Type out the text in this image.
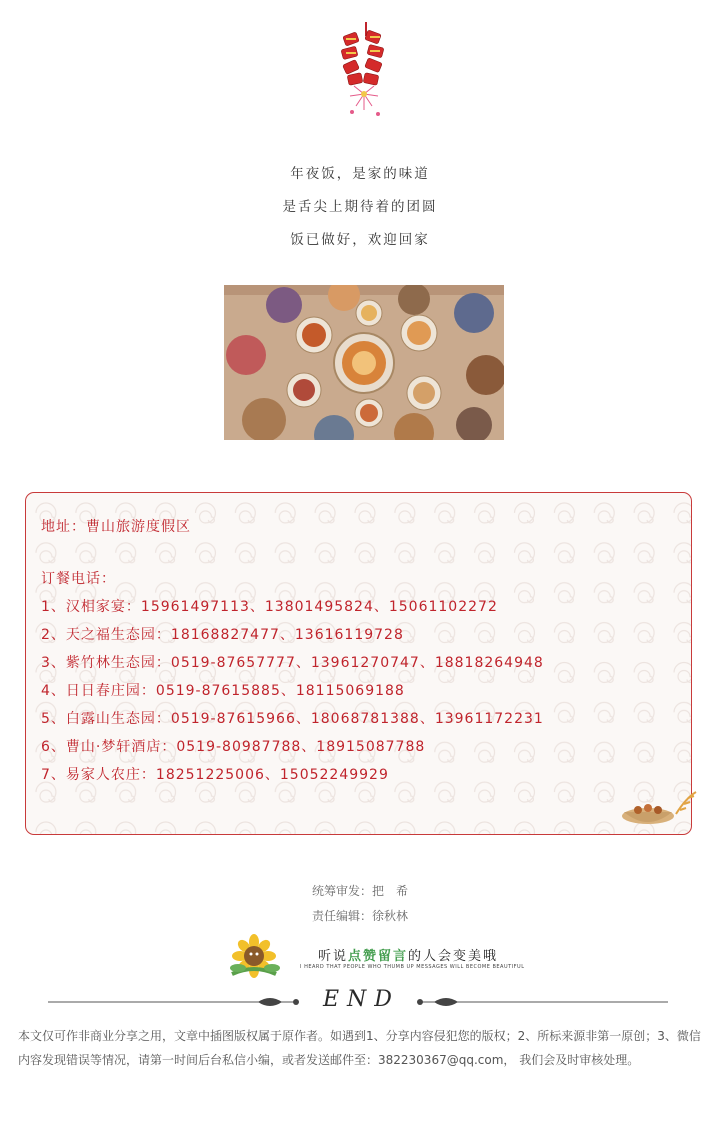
年夜饭，是家的味道
是舌尖上期待着的团圆
饭已做好，欢迎回家
地址：曹山旅游度假区
订餐电话：
1、汉相家宴：15961497113、13801495824、15061102272
2、天之福生态园：18168827477、13616119728
3、紫竹林生态园：0519-87657777、13961270747、18818264948
4、日日春庄园：0519-87615885、18115069188
5、白露山生态园：0519-87615966、18068781388、13961172231
6、曹山·梦轩酒店：0519-80987788、18915087788
7、易家人农庄：18251225006、15052249929
统筹审发：把　希
责任编辑：徐秋林
听说点赞留言的人会变美哦
I HEARD THAT PEOPLE WHO THUMB UP MESSAGES WILL BECOME BEAUTIFUL
END
本文仅可作非商业分享之用，文章中插图版权属于原作者。如遇到1、分享内容侵犯您的版权；2、所标来源非第一原创；3、微信内容发现错误等情况，请第一时间后台私信小编，或者发送邮件至：382230367@qq.com， 我们会及时审核处理。
